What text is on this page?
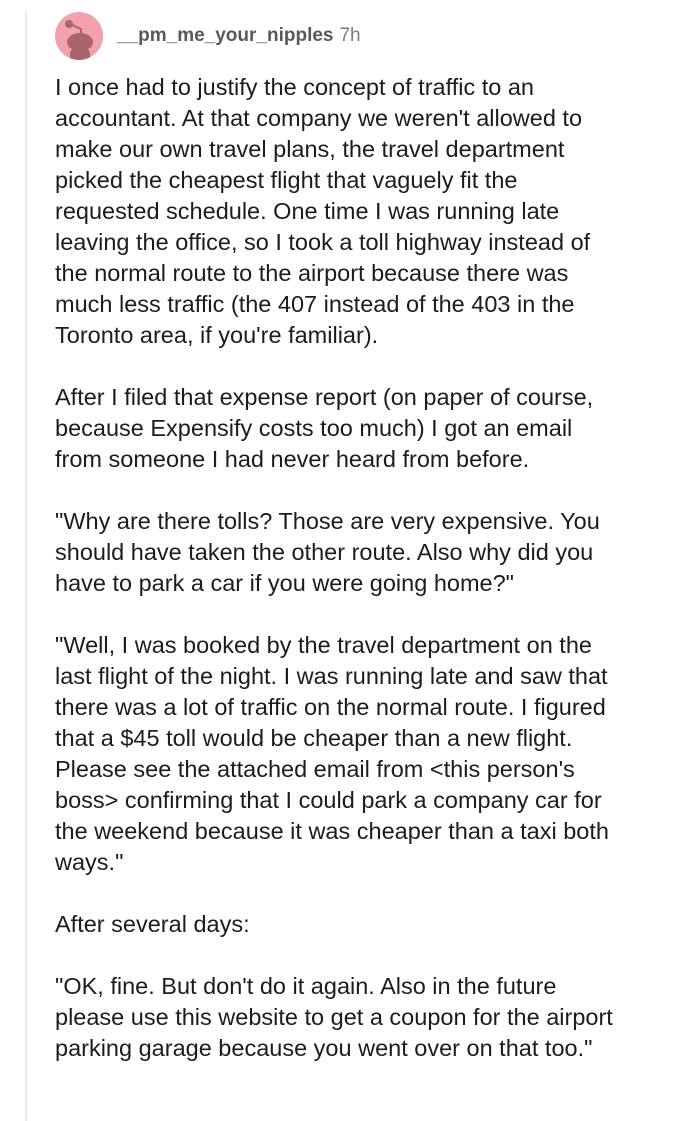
__pm_me_your_nipples 7h

I once had to justify the concept of traffic to an
accountant. At that company we weren't allowed to
make our own travel plans, the travel department
picked the cheapest flight that vaguely fit the
requested schedule. One time I was running late
leaving the office, so I took a toll highway instead of
the normal route to the airport because there was
much less traffic (the 407 instead of the 403 in the
Toronto area, if you're familiar).

After I filed that expense report (on paper of course,
because Expensify costs too much) I got an email
from someone I had never heard from before.

"Why are there tolls? Those are very expensive. You
should have taken the other route. Also why did you
have to park a car if you were going home?"

"Well, I was booked by the travel department on the
last flight of the night. I was running late and saw that
there was a lot of traffic on the normal route. I figured
that a $45 toll would be cheaper than a new flight.
Please see the attached email from <this person's
boss> confirming that I could park a company car for
the weekend because it was cheaper than a taxi both
ways."

After several days:

"OK, fine. But don't do it again. Also in the future
please use this website to get a coupon for the airport
parking garage because you went over on that too."
